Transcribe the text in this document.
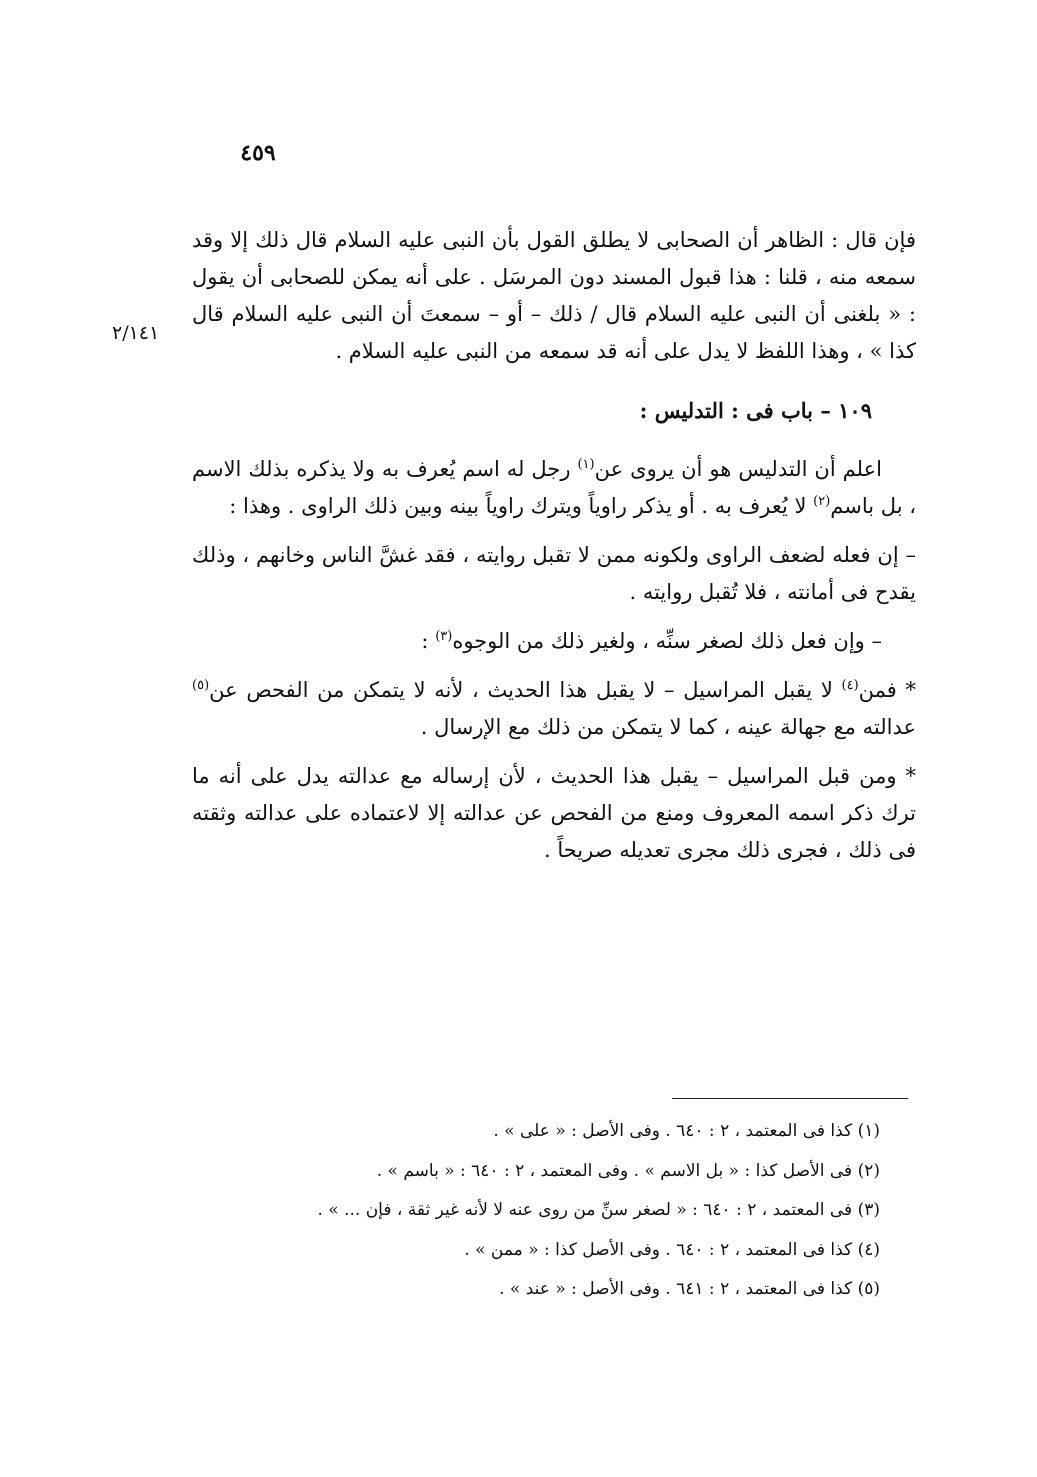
٤٥٩
٢/١٤١

فإن قال : الظاهر أن الصحابى لا يطلق القول بأن النبى عليه السلام قال ذلك إلا وقد سمعه منه ، قلنا : هذا قبول المسند دون المرسَل . على أنه يمكن للصحابى أن يقول : « بلغنى أن النبى عليه السلام قال / ذلك – أو – سمعتَ أن النبى عليه السلام قال كذا » ، وهذا اللفظ لا يدل على أنه قد سمعه من النبى عليه السلام .

١٠٩ – باب فى : التدليس :

اعلم أن التدليس هو أن يروى عن$^{(١)}$ رجل له اسم يُعرف به ولا يذكره بذلك الاسم ، بل باسم$^{(٢)}$ لا يُعرف به . أو يذكر راوياً ويترك راوياً بينه وبين ذلك الراوى . وهذا :

– إن فعله لضعف الراوى ولكونه ممن لا تقبل روايته ، فقد غشَّ الناس وخانهم ، وذلك يقدح فى أمانته ، فلا تُقبل روايته .

– وإن فعل ذلك لصغر سنِّه ، ولغير ذلك من الوجوه$^{(٣)}$ :

* فمن$^{(٤)}$ لا يقبل المراسيل – لا يقبل هذا الحديث ، لأنه لا يتمكن من الفحص عن$^{(٥)}$ عدالته مع جهالة عينه ، كما لا يتمكن من ذلك مع الإرسال .

* ومن قبل المراسيل – يقبل هذا الحديث ، لأن إرساله مع عدالته يدل على أنه ما ترك ذكر اسمه المعروف ومنع من الفحص عن عدالته إلا لاعتماده على عدالته وثقته فى ذلك ، فجرى ذلك مجرى تعديله صريحاً .

(١) كذا فى المعتمد ، ٢ : ٦٤٠ . وفى الأصل : « على » .
(٢) فى الأصل كذا : « بل الاسم » . وفى المعتمد ، ٢ : ٦٤٠ : « باسم » .
(٣) فى المعتمد ، ٢ : ٦٤٠ : « لصغر سنِّ من روى عنه لا لأنه غير ثقة ، فإن ... » .
(٤) كذا فى المعتمد ، ٢ : ٦٤٠ . وفى الأصل كذا : « ممن » .
(٥) كذا فى المعتمد ، ٢ : ٦٤١ . وفى الأصل : « عند » .
